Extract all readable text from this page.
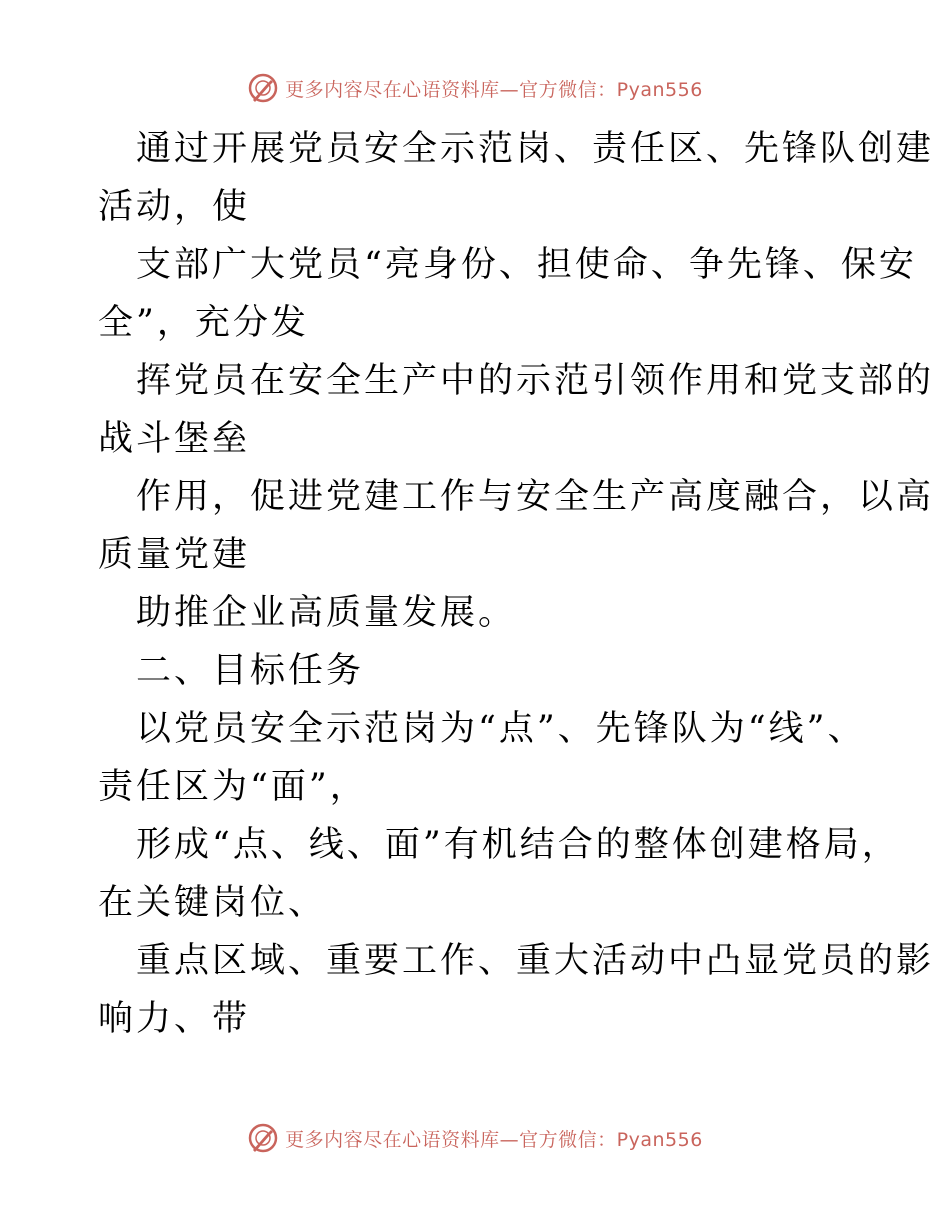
更多内容尽在心语资料库—官方微信：Pyan556
通过开展党员安全示范岗、责任区、先锋队创建
活动，使
支部广大党员“亮身份、担使命、争先锋、保安
全”，充分发
挥党员在安全生产中的示范引领作用和党支部的
战斗堡垒
作用，促进党建工作与安全生产高度融合，以高
质量党建
助推企业高质量发展。
二、目标任务
以党员安全示范岗为“点”、先锋队为“线”、
责任区为“面”，
形成“点、线、面”有机结合的整体创建格局，
在关键岗位、
重点区域、重要工作、重大活动中凸显党员的影
响力、带
更多内容尽在心语资料库—官方微信：Pyan556
